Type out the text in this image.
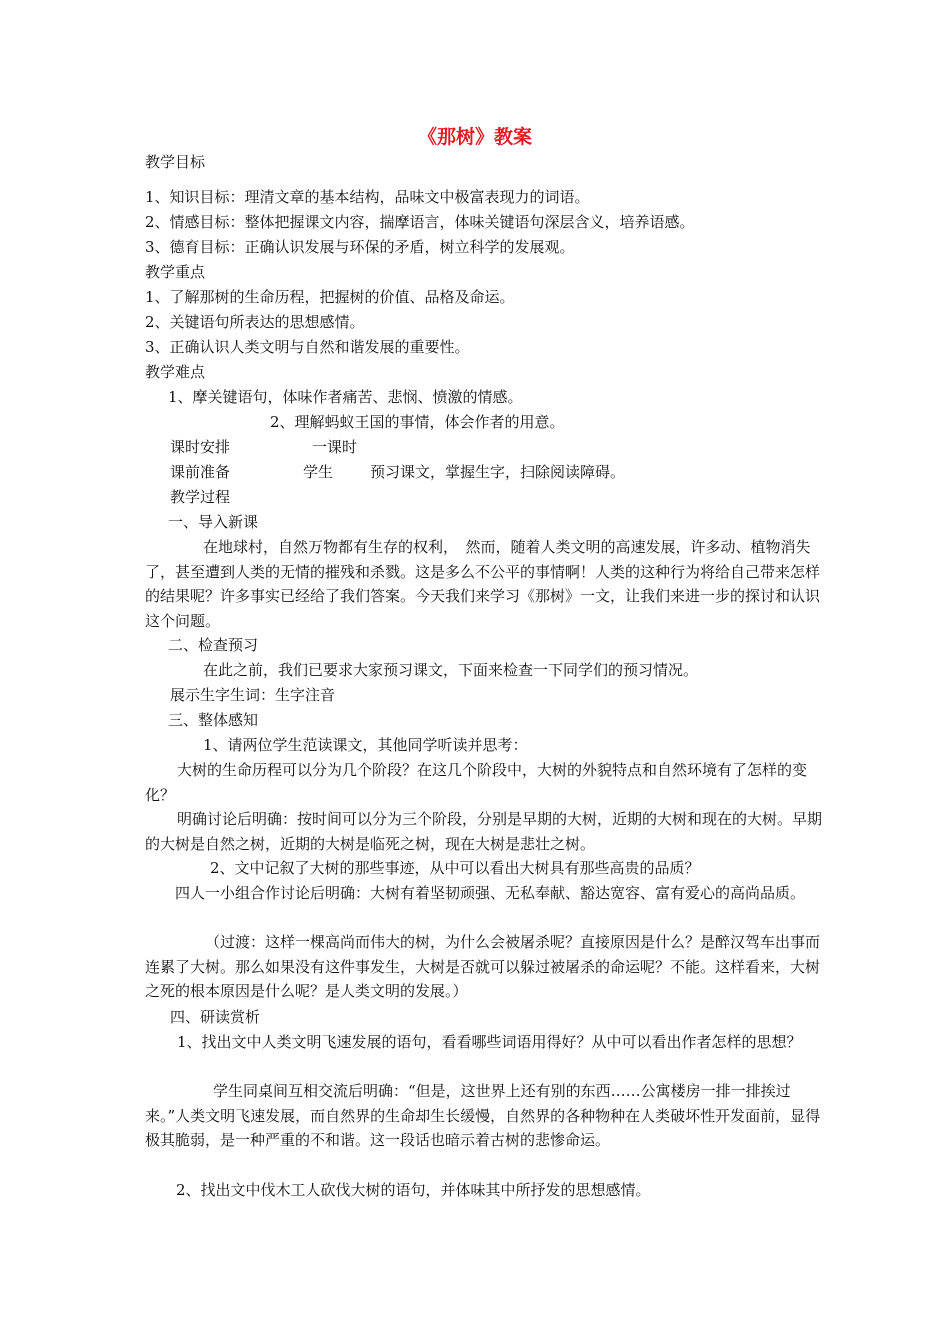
《那树》教案
教学目标
1、知识目标：理清文章的基本结构，品味文中极富表现力的词语。
2、情感目标：整体把握课文内容，揣摩语言，体味关键语句深层含义，培养语感。
3、德育目标：正确认识发展与环保的矛盾，树立科学的发展观。
教学重点
1、了解那树的生命历程，把握树的价值、品格及命运。
2、关键语句所表达的思想感情。
3、正确认识人类文明与自然和谐发展的重要性。
教学难点
1、摩关键语句，体味作者痛苦、悲悯、愤激的情感。
2、理解蚂蚁王国的事情，体会作者的用意。
课时安排	一课时
课前准备	学生 预习课文，掌握生字，扫除阅读障碍。
教学过程
一、导入新课
在地球村，自然万物都有生存的权利，　然而，随着人类文明的高速发展，许多动、植物消失了，甚至遭到人类的无情的摧残和杀戮。这是多么不公平的事情啊！人类的这种行为将给自己带来怎样的结果呢？许多事实已经给了我们答案。今天我们来学习《那树》一文，让我们来进一步的探讨和认识这个问题。
二、检查预习
在此之前，我们已要求大家预习课文，下面来检查一下同学们的预习情况。
展示生字生词：生字注音
三、整体感知
1、请两位学生范读课文，其他同学听读并思考：
大树的生命历程可以分为几个阶段？在这几个阶段中，大树的外貌特点和自然环境有了怎样的变化？
明确讨论后明确：按时间可以分为三个阶段，分别是早期的大树，近期的大树和现在的大树。早期的大树是自然之树，近期的大树是临死之树，现在大树是悲壮之树。
2、文中记叙了大树的那些事迹，从中可以看出大树具有那些高贵的品质？
四人一小组合作讨论后明确：大树有着坚韧顽强、无私奉献、豁达宽容、富有爱心的高尚品质。
（过渡：这样一棵高尚而伟大的树，为什么会被屠杀呢？直接原因是什么？是醉汉驾车出事而连累了大树。那么如果没有这件事发生，大树是否就可以躲过被屠杀的命运呢？不能。这样看来，大树之死的根本原因是什么呢？是人类文明的发展。）
四、研读赏析
1、找出文中人类文明飞速发展的语句，看看哪些词语用得好？从中可以看出作者怎样的思想？
学生同桌间互相交流后明确：“但是，这世界上还有别的东西……公寓楼房一排一排挨过来。”人类文明飞速发展，而自然界的生命却生长缓慢，自然界的各种物种在人类破坏性开发面前，显得极其脆弱，是一种严重的不和谐。这一段话也暗示着古树的悲惨命运。
2、找出文中伐木工人砍伐大树的语句，并体味其中所抒发的思想感情。
